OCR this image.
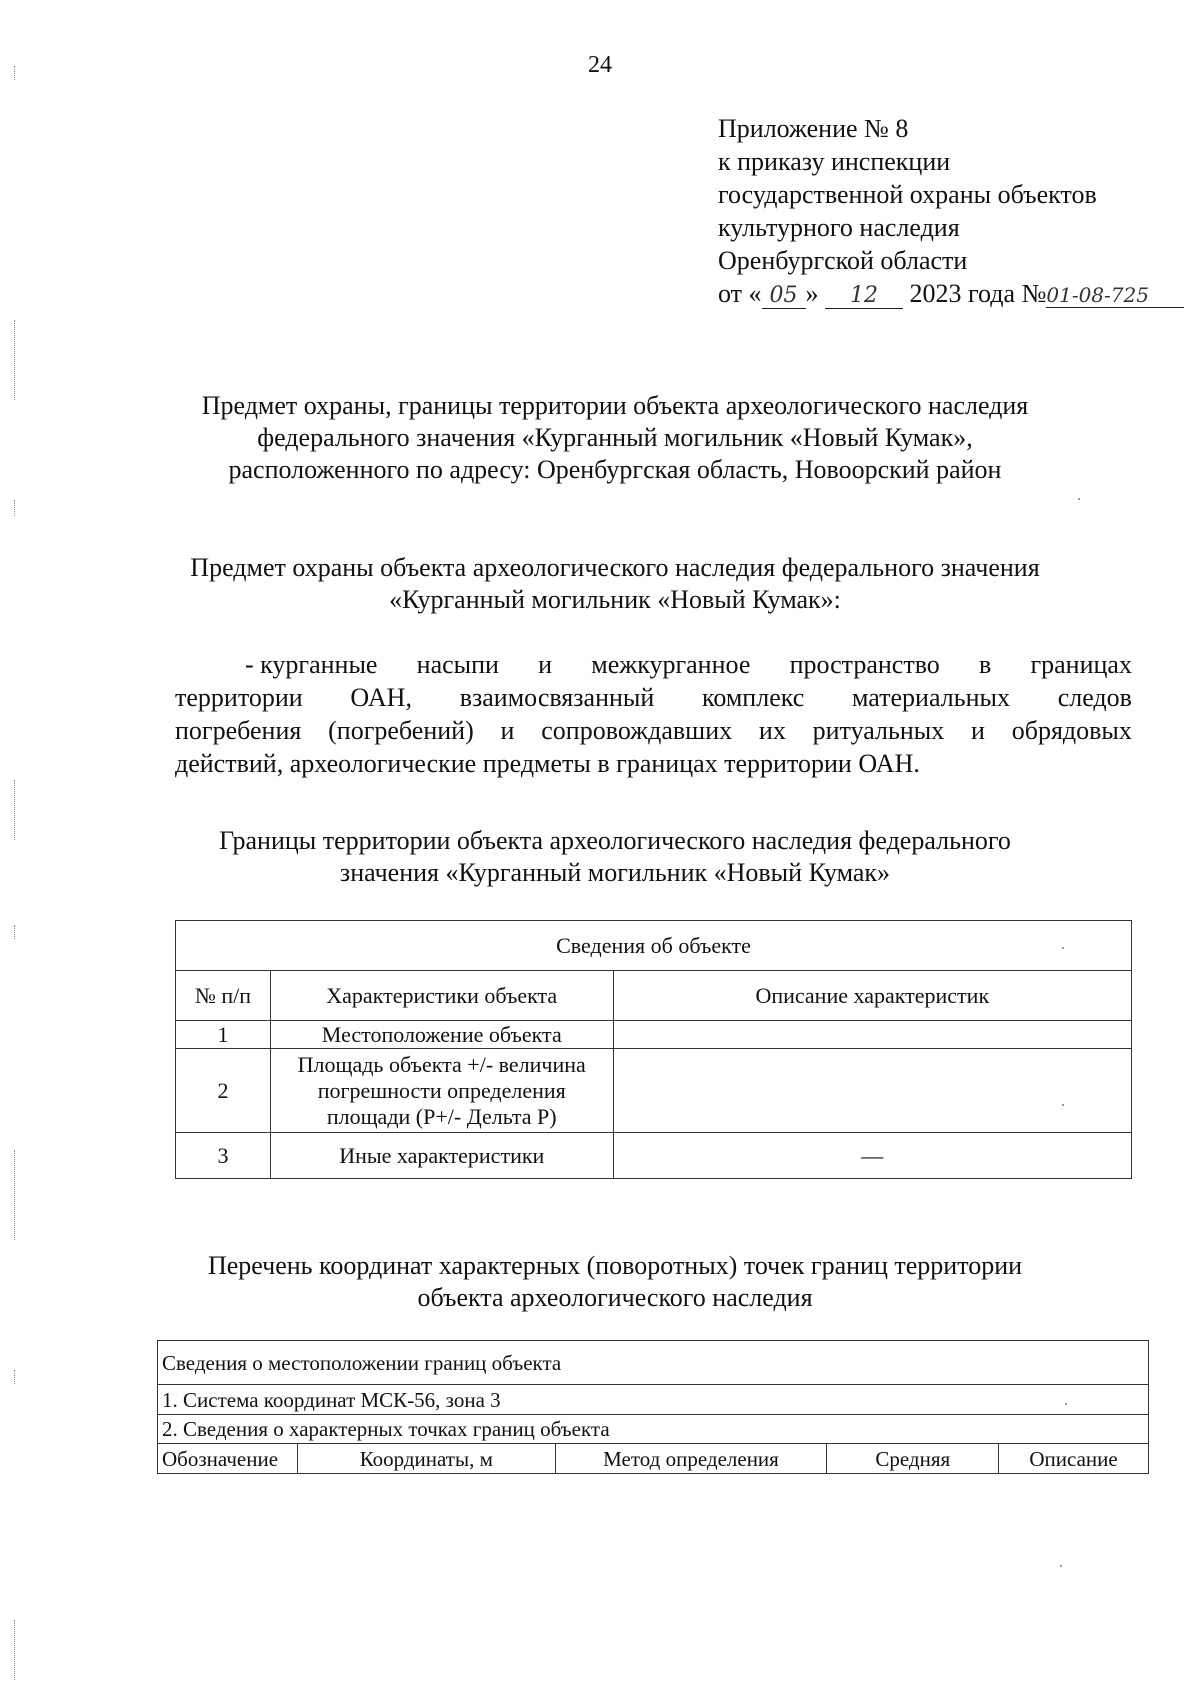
24
Приложение № 8
к приказу инспекции
государственной охраны объектов
культурного наследия
Оренбургской области
от « 05 » 12 2023 года №01-08-725
Предмет охраны, границы территории объекта археологического наследия
федерального значения «Курганный могильник «Новый Кумак»,
расположенного по адресу: Оренбургская область, Новоорский район
Предмет охраны объекта археологического наследия федерального значения
«Курганный могильник «Новый Кумак»:
- курганные насыпи и межкурганное пространство в границах
территории ОАН, взаимосвязанный комплекс материальных следов
погребения (погребений) и сопровождавших их ритуальных и обрядовых
действий, археологические предметы в границах территории ОАН.
Границы территории объекта археологического наследия федерального
значения «Курганный могильник «Новый Кумак»
Сведения об объекте		
№ п/п	Характеристики объекта	Описание характеристик
1	Местоположение объекта	
2	Площадь объекта +/- величина
погрешности определения
площади (P+/- Дельта P)	

3	Иные характеристики	—
Перечень координат характерных (поворотных) точек границ территории
объекта археологического наследия
Сведения о местоположении границ объекта
1. Система координат МСК-56, зона 3
2. Сведения о характерных точках границ объекта
Обозначение	Координаты, м	Метод определения	Средняя	Описание
